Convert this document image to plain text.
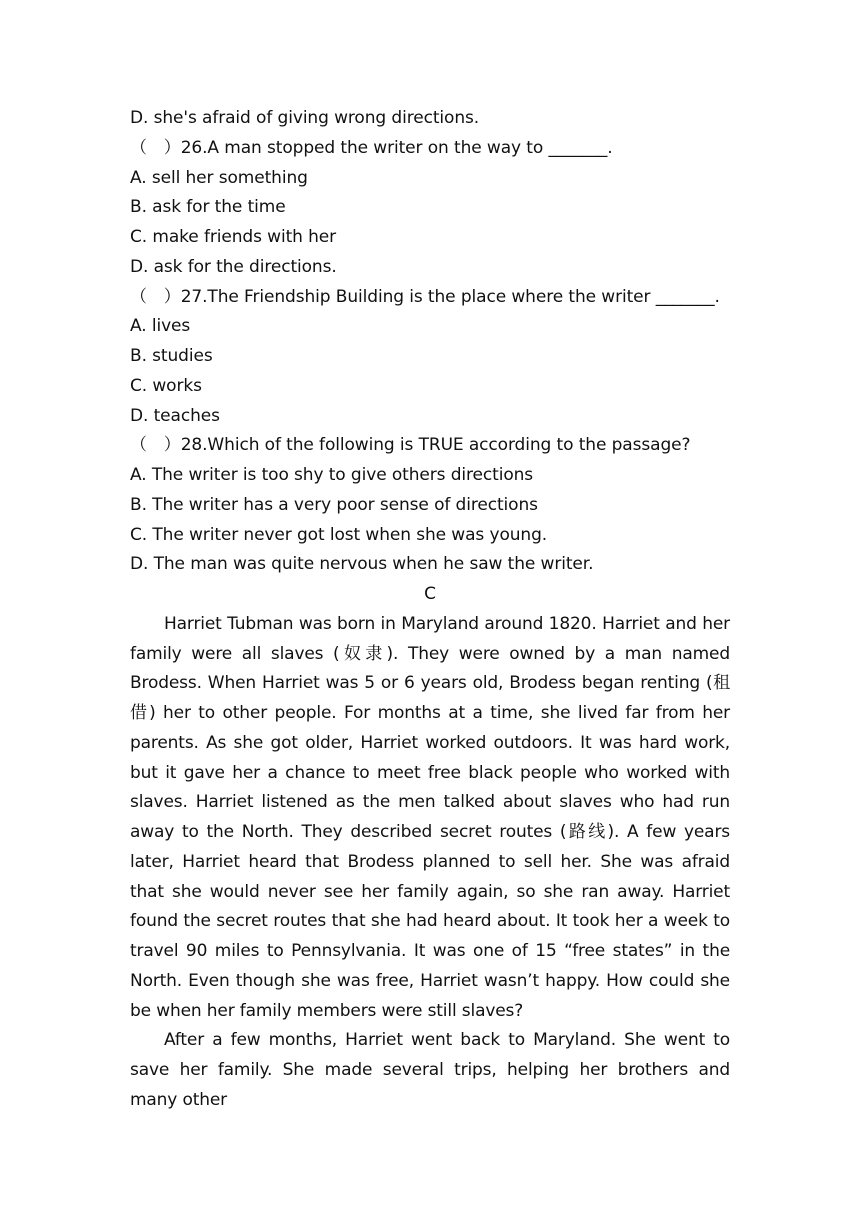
D. she's afraid of giving wrong directions.
（　）26.A man stopped the writer on the way to _______.
A. sell her something
B. ask for the time
C. make friends with her
D. ask for the directions.
（　）27.The Friendship Building is the place where the writer _______.
A. lives
B. studies
C. works
D. teaches
（　）28.Which of the following is TRUE according to the passage?
A. The writer is too shy to give others directions
B. The writer has a very poor sense of directions
C. The writer never got lost when she was young.
D. The man was quite nervous when he saw the writer.
C

Harriet Tubman was born in Maryland around 1820. Harriet and her family were all slaves (奴隶). They were owned by a man named Brodess. When Harriet was 5 or 6 years old, Brodess began renting (租借) her to other people. For months at a time, she lived far from her parents. As she got older, Harriet worked outdoors. It was hard work, but it gave her a chance to meet free black people who worked with slaves. Harriet listened as the men talked about slaves who had run away to the North. They described secret routes (路线). A few years later, Harriet heard that Brodess planned to sell her. She was afraid that she would never see her family again, so she ran away. Harriet found the secret routes that she had heard about. It took her a week to travel 90 miles to Pennsylvania. It was one of 15 “free states” in the North. Even though she was free, Harriet wasn’t happy. How could she be when her family members were still slaves?

After a few months, Harriet went back to Maryland. She went to save her family. She made several trips, helping her brothers and many other
